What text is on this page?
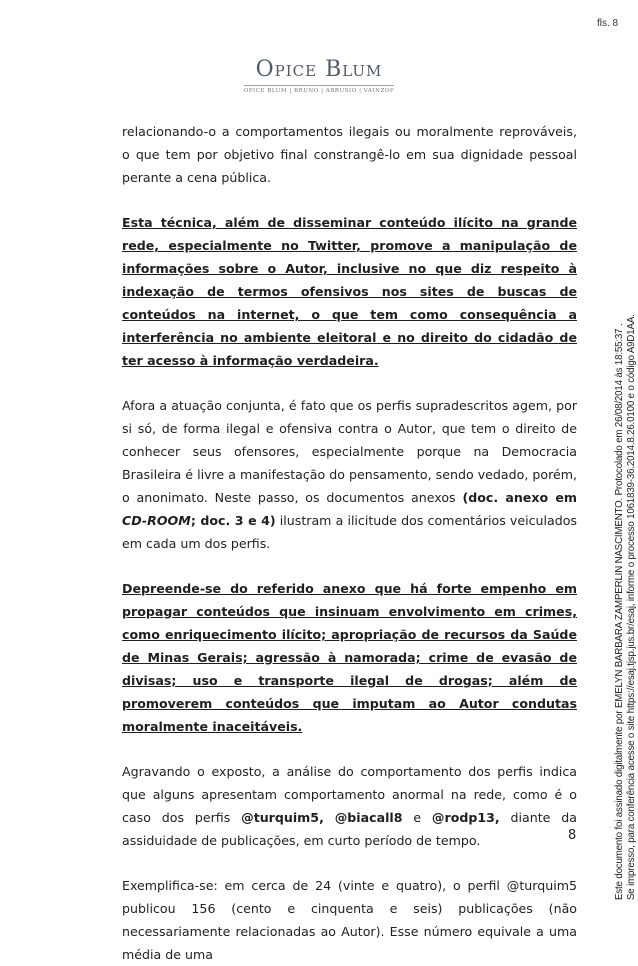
fls. 8
Opice Blum
OPICE BLUM | BRUNO | ABRUSIO | VAINZOF

relacionando-o a comportamentos ilegais ou moralmente reprováveis, o que tem por objetivo final constrangê-lo em sua dignidade pessoal perante a cena pública.

Esta técnica, além de disseminar conteúdo ilícito na grande rede, especialmente no Twitter, promove a manipulação de informações sobre o Autor, inclusive no que diz respeito à indexação de termos ofensivos nos sites de buscas de conteúdos na internet, o que tem como consequência a interferência no ambiente eleitoral e no direito do cidadão de ter acesso à informação verdadeira.

Afora a atuação conjunta, é fato que os perfis supradescritos agem, por si só, de forma ilegal e ofensiva contra o Autor, que tem o direito de conhecer seus ofensores, especialmente porque na Democracia Brasileira é livre a manifestação do pensamento, sendo vedado, porém, o anonimato. Neste passo, os documentos anexos (doc. anexo em CD-ROOM; doc. 3 e 4) ilustram a ilicitude dos comentários veiculados em cada um dos perfis.

Depreende-se do referido anexo que há forte empenho em propagar conteúdos que insinuam envolvimento em crimes, como enriquecimento ilícito; apropriação de recursos da Saúde de Minas Gerais; agressão à namorada; crime de evasão de divisas; uso e transporte ilegal de drogas; além de promoverem conteúdos que imputam ao Autor condutas moralmente inaceitáveis.

Agravando o exposto, a análise do comportamento dos perfis indica que alguns apresentam comportamento anormal na rede, como é o caso dos perfis @turquim5, @biacall8 e @rodp13, diante da assiduidade de publicações, em curto período de tempo.

Exemplifica-se: em cerca de 24 (vinte e quatro), o perfil @turquim5 publicou 156 (cento e cinquenta e seis) publicações (não necessariamente relacionadas ao Autor). Esse número equivale a uma média de uma

8	Este documento foi assinado digitalmente por EMELYN BARBARA ZAMPERLIN NASCIMENTO. Protocolado em 26/08/2014 às 18:55:37 . Se impresso, para conferência acesse o site https://esaj.tjsp.jus.br/esaj, informe o processo 1061839-36.2014.8.26.0100 e o código A9D1AA.
